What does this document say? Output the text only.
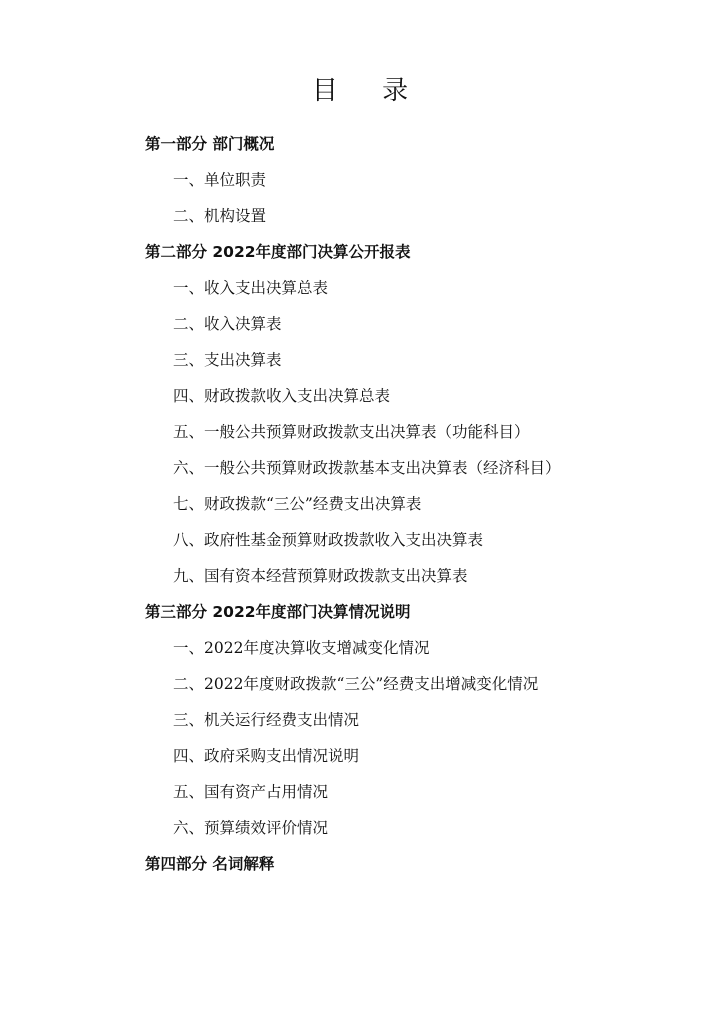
目 录
第一部分 部门概况
一、单位职责
二、机构设置
第二部分 2022年度部门决算公开报表
一、收入支出决算总表
二、收入决算表
三、支出决算表
四、财政拨款收入支出决算总表
五、一般公共预算财政拨款支出决算表（功能科目）
六、一般公共预算财政拨款基本支出决算表（经济科目）
七、财政拨款“三公”经费支出决算表
八、政府性基金预算财政拨款收入支出决算表
九、国有资本经营预算财政拨款支出决算表
第三部分 2022年度部门决算情况说明
一、2022年度决算收支增减变化情况
二、2022年度财政拨款“三公”经费支出增减变化情况
三、机关运行经费支出情况
四、政府采购支出情况说明
五、国有资产占用情况
六、预算绩效评价情况
第四部分 名词解释
